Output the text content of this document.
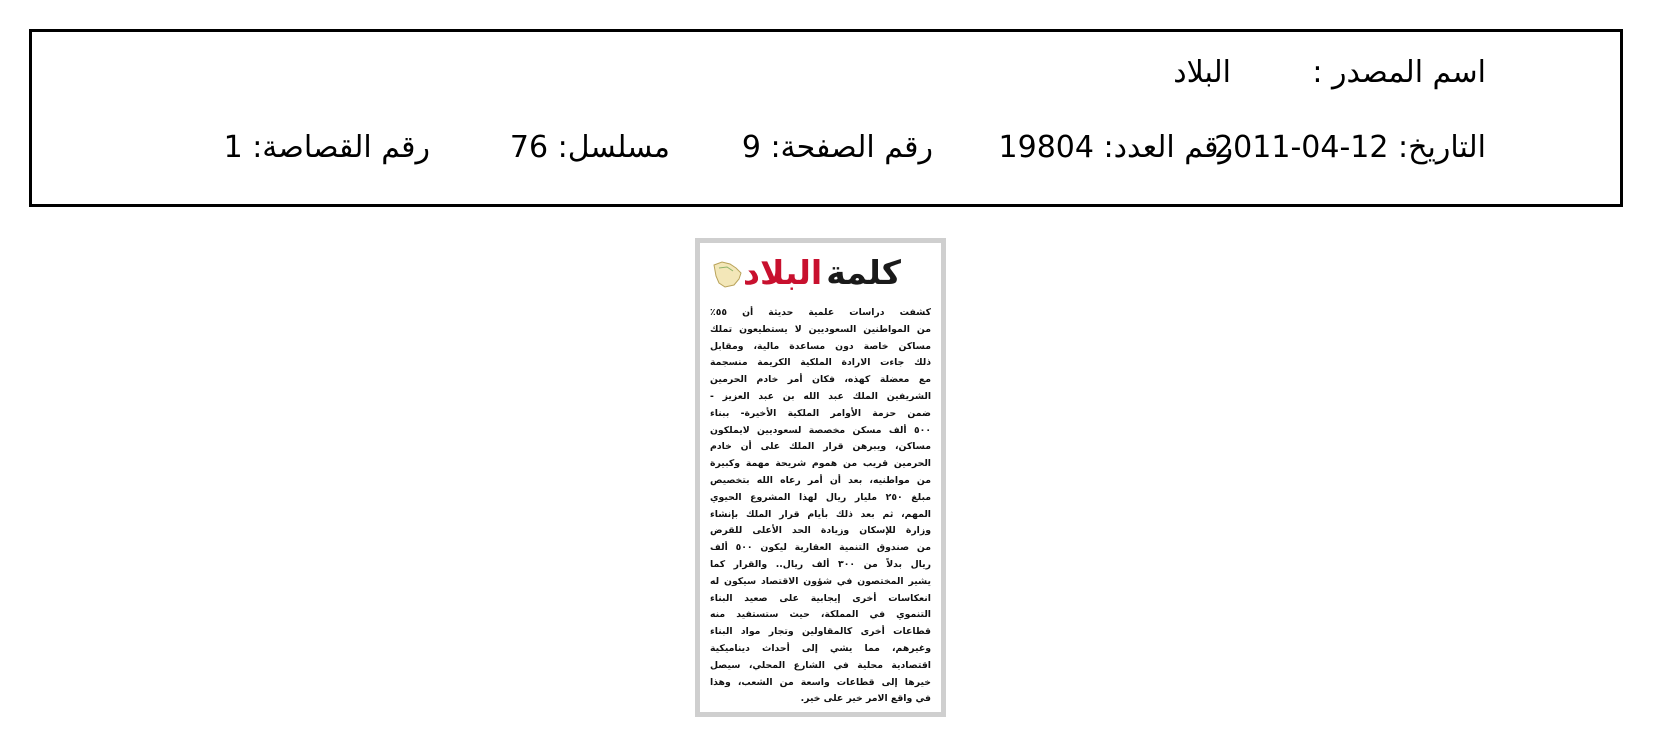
اسم المصدر :
البلاد
التاريخ: 12-04-2011
رقم العدد: 19804
رقم الصفحة: 9
مسلسل: 76
رقم القصاصة: 1
كلمة
البلاد
كشفت دراسات علمية حديثة أن ٥٥٪
من المواطنين السعوديين لا يستطيعون تملك
مساكن خاصة دون مساعدة مالية، ومقابل
ذلك جاءت الارادة الملكية الكريمة منسجمة
مع معضلة كهذه، فكان أمر خادم الحرمين
الشريفين الملك عبد الله بن عبد العزيز -
ضمن حزمة الأوامر الملكية الأخيرة- ببناء
٥٠٠ ألف مسكن مخصصة لسعوديين لايملكون
مساكن، ويبرهن قرار الملك على أن خادم
الحرمين قريب من هموم شريحة مهمة وكبيرة
من مواطنيه، بعد أن أمر رعاه الله بتخصيص
مبلغ ٢٥٠ مليار ريال لهذا المشروع الحيوي
المهم، ثم بعد ذلك بأيام قرار الملك بإنشاء
وزارة للإسكان وزيادة الحد الأعلى للقرض
من صندوق التنمية العقارية ليكون ٥٠٠ ألف
ريال بدلاً من ٣٠٠ ألف ريال.. والقرار كما
يشير المختصون في شؤون الاقتصاد سيكون له
انعكاسات أخرى إيجابية على صعيد البناء
التنموي في المملكة، حيث ستستفيد منه
قطاعات أخرى كالمقاولين وتجار مواد البناء
وغيرهم، مما يشي إلى أحداث ديناميكية
اقتصادية محلية في الشارع المحلي، سيصل
خيرها إلى قطاعات واسعة من الشعب، وهذا
في واقع الامر خير على خير.
